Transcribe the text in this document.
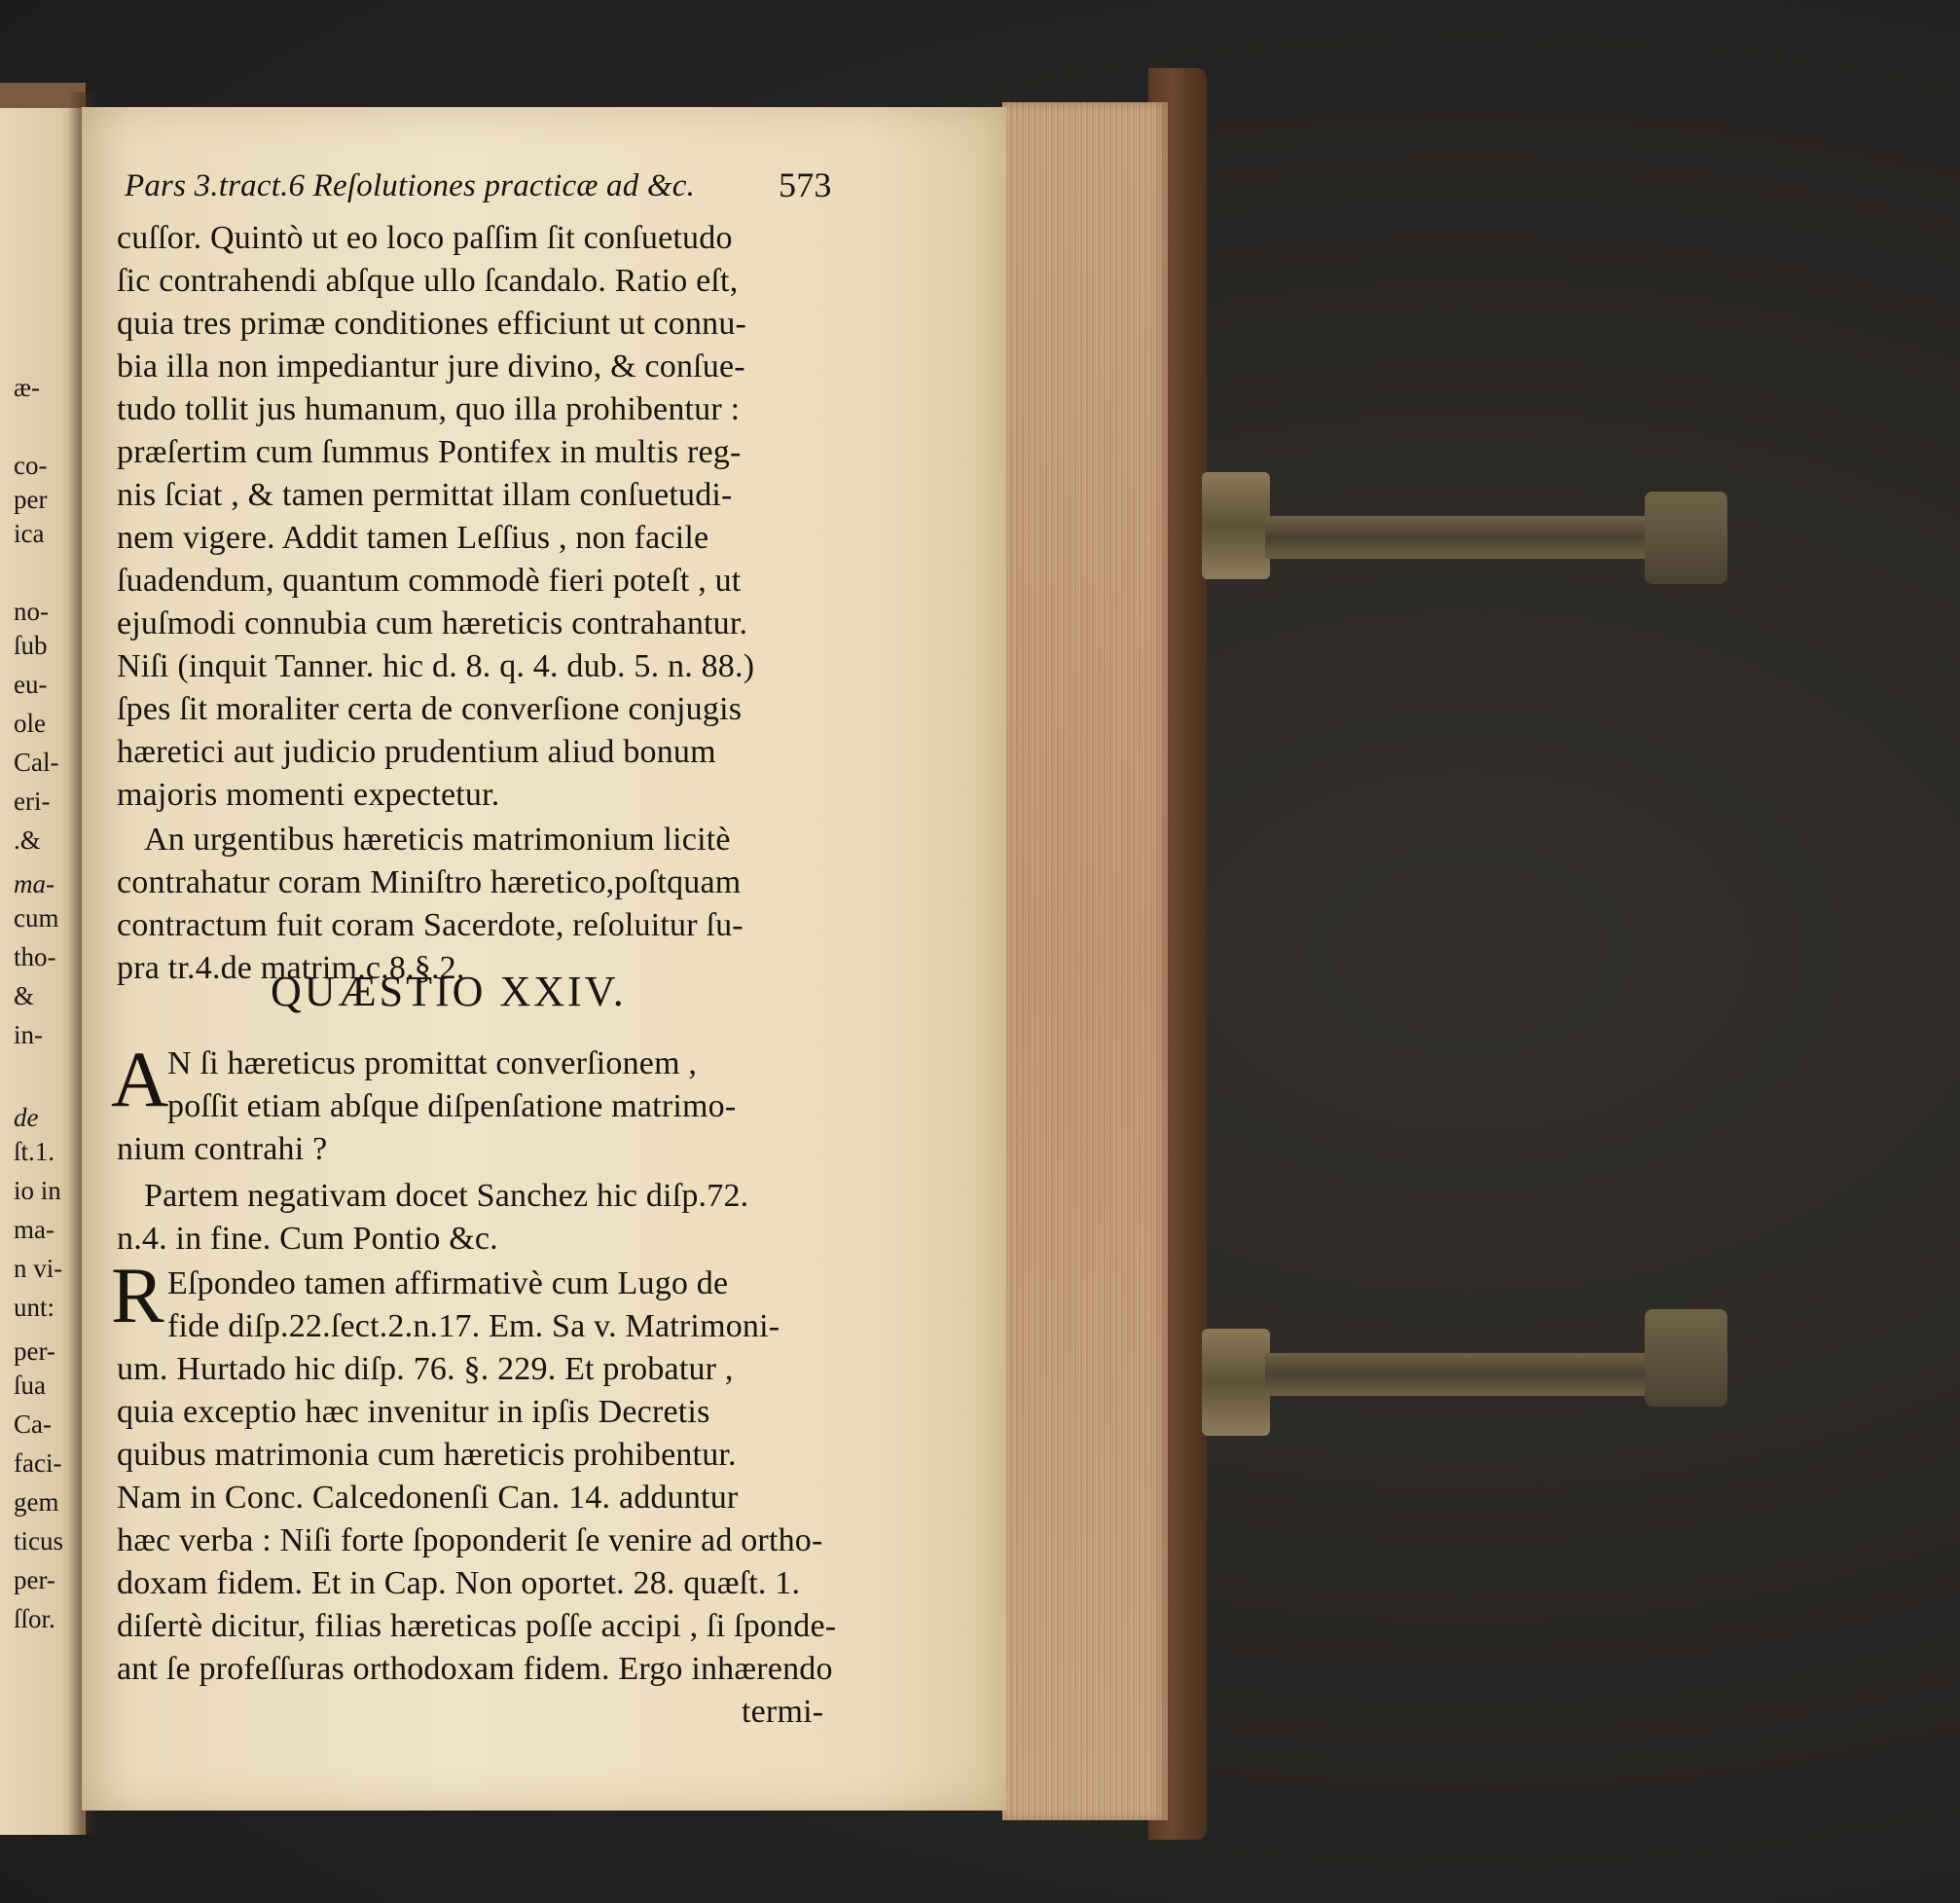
æ-
co-
per
ica
no-
ſub
eu-
ole
Cal-
eri-
.&
ma-
cum
tho-
&
in-
de
ſt.1.
io in
ma-
n vi-
unt:
per-
ſua
Ca-
faci-
gem
ticus
per-
ſſor.
Pars 3.tract.6 Reſolutiones practicæ ad &c. 573
cuſſor. Quintò ut eo loco paſſim ſit conſuetudo
ſic contrahendi abſque ullo ſcandalo. Ratio eſt,
quia tres primæ conditiones efficiunt ut connu-
bia illa non impediantur jure divino, & conſue-
tudo tollit jus humanum, quo illa prohibentur :
præſertim cum ſummus Pontifex in multis reg-
nis ſciat , & tamen permittat illam conſuetudi-
nem vigere. Addit tamen Leſſius , non facile
ſuadendum, quantum commodè fieri poteſt , ut
ejuſmodi connubia cum hæreticis contrahantur.
Niſi (inquit Tanner. hic d. 8. q. 4. dub. 5. n. 88.)
ſpes ſit moraliter certa de converſione conjugis
hæretici aut judicio prudentium aliud bonum
majoris momenti expectetur.
An urgentibus hæreticis matrimonium licitè
contrahatur coram Miniſtro hæretico,poſtquam
contractum fuit coram Sacerdote, reſoluitur ſu-
pra tr.4.de matrim.c.8.§.2.
QUÆSTIO XXIV.
A
N ſi hæreticus promittat converſionem ,
poſſit etiam abſque diſpenſatione matrimo-
nium contrahi ?
Partem negativam docet Sanchez hic diſp.72.
n.4. in fine. Cum Pontio &c.
R Eſpondeo tamen affirmativè cum Lugo de
fide diſp.22.ſect.2.n.17. Em. Sa v. Matrimoni-
um. Hurtado hic diſp. 76. §. 229. Et probatur ,
quia exceptio hæc invenitur in ipſis Decretis
quibus matrimonia cum hæreticis prohibentur.
Nam in Conc. Calcedonenſi Can. 14. adduntur
hæc verba : Niſi forte ſpoponderit ſe venire ad ortho-
doxam fidem. Et in Cap. Non oportet. 28. quæſt. 1.
diſertè dicitur, filias hæreticas poſſe accipi , ſi ſponde-
ant ſe profeſſuras orthodoxam fidem. Ergo inhærendo
termi-
